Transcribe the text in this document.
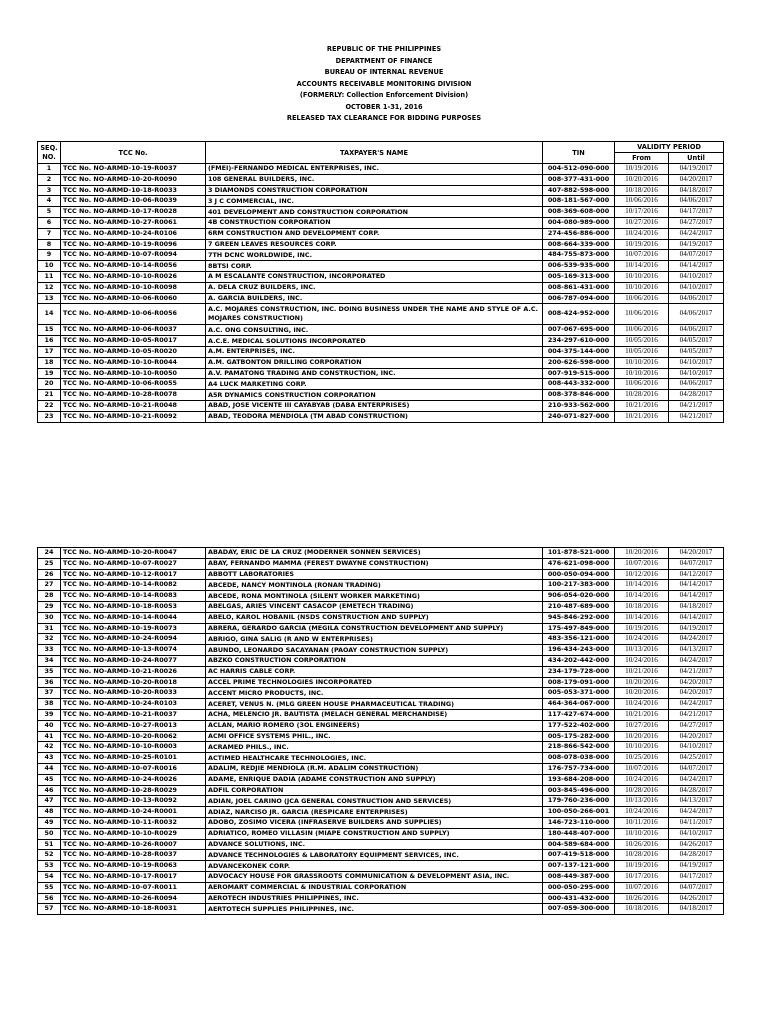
REPUBLIC OF THE PHILIPPINES
DEPARTMENT OF FINANCE
BUREAU OF INTERNAL REVENUE
ACCOUNTS RECEIVABLE MONITORING DIVISION
(FORMERLY: Collection Enforcement Division)
OCTOBER 1-31, 2016
RELEASED TAX CLEARANCE FOR BIDDING PURPOSES
SEQ. NO.	TCC No.	TAXPAYER'S NAME	TIN	VALIDITY PERIOD	
				From	Until
1	TCC No. NO-ARMD-10-19-R0037	(FMEI)-FERNANDO MEDICAL ENTERPRISES, INC.	004-512-090-000	10/19/2016	04/19/2017
2	TCC No. NO-ARMD-10-20-R0090	108 GENERAL BUILDERS, INC.	008-377-431-000	10/20/2016	04/20/2017
3	TCC No. NO-ARMD-10-18-R0033	3 DIAMONDS CONSTRUCTION CORPORATION	407-882-598-000	10/18/2016	04/18/2017
4	TCC No. NO-ARMD-10-06-R0039	3 J C COMMERCIAL, INC.	008-181-567-000	10/06/2016	04/06/2017
5	TCC No. NO-ARMD-10-17-R0028	401 DEVELOPMENT AND CONSTRUCTION CORPORATION	008-369-608-000	10/17/2016	04/17/2017
6	TCC No. NO-ARMD-10-27-R0061	4B CONSTRUCTION CORPORATION	004-080-989-000	10/27/2016	04/27/2017
7	TCC No. NO-ARMD-10-24-R0106	6RM CONSTRUCTION AND DEVELOPMENT CORP.	274-456-886-000	10/24/2016	04/24/2017
8	TCC No. NO-ARMD-10-19-R0096	7 GREEN LEAVES RESOURCES CORP.	008-664-339-000	10/19/2016	04/19/2017
9	TCC No. NO-ARMD-10-07-R0094	7TH DCNC WORLDWIDE, INC.	484-755-873-000	10/07/2016	04/07/2017
10	TCC No. NO-ARMD-10-14-R0056	8BTSI CORP.	006-539-935-000	10/14/2016	04/14/2017
11	TCC No. NO-ARMD-10-10-R0026	A M ESCALANTE CONSTRUCTION, INCORPORATED	005-169-313-000	10/10/2016	04/10/2017
12	TCC No. NO-ARMD-10-10-R0098	A. DELA CRUZ BUILDERS, INC.	008-861-431-000	10/10/2016	04/10/2017
13	TCC No. NO-ARMD-10-06-R0060	A. GARCIA BUILDERS, INC.	006-787-094-000	10/06/2016	04/06/2017
14	TCC No. NO-ARMD-10-06-R0056	A.C. MOJARES CONSTRUCTION, INC. DOING BUSINESS UNDER THE NAME AND STYLE OF A.C. MOJARES CONSTRUCTION)	008-424-952-000	10/06/2016	04/06/2017
15	TCC No. NO-ARMD-10-06-R0037	A.C. ONG CONSULTING, INC.	007-067-695-000	10/06/2016	04/06/2017
16	TCC No. NO-ARMD-10-05-R0017	A.C.E. MEDICAL SOLUTIONS INCORPORATED	234-297-610-000	10/05/2016	04/05/2017
17	TCC No. NO-ARMD-10-05-R0020	A.M. ENTERPRISES, INC.	004-375-144-000	10/05/2016	04/05/2017
18	TCC No. NO-ARMD-10-10-R0044	A.M. GATBONTON DRILLING CORPORATION	200-626-598-000	10/10/2016	04/10/2017
19	TCC No. NO-ARMD-10-10-R0050	A.V. PAMATONG TRADING AND CONSTRUCTION, INC.	007-919-515-000	10/10/2016	04/10/2017
20	TCC No. NO-ARMD-10-06-R0055	A4 LUCK MARKETING CORP.	008-443-332-000	10/06/2016	04/06/2017
21	TCC No. NO-ARMD-10-28-R0078	A5R DYNAMICS CONSTRUCTION CORPORATION	008-378-846-000	10/28/2016	04/28/2017
22	TCC No. NO-ARMD-10-21-R0048	ABAD, JOSE VICENTE III CAYABYAB (DABA ENTERPRISES)	210-933-562-000	10/21/2016	04/21/2017
23	TCC No. NO-ARMD-10-21-R0092	ABAD, TEODORA MENDIOLA (TM ABAD CONSTRUCTION)	240-071-827-000	10/21/2016	04/21/2017
24	TCC No. NO-ARMD-10-20-R0047	ABADAY, ERIC DE LA CRUZ (MODERNER SONNEN SERVICES)	101-878-521-000	10/20/2016	04/20/2017
25	TCC No. NO-ARMD-10-07-R0027	ABAY, FERNANDO MAMMA (FEREST DWAYNE CONSTRUCTION)	476-621-098-000	10/07/2016	04/07/2017
26	TCC No. NO-ARMD-10-12-R0017	ABBOTT LABORATORIES	000-050-094-000	10/12/2016	04/12/2017
27	TCC No. NO-ARMD-10-14-R0082	ABCEDE, NANCY MONTINOLA (RONAN TRADING)	100-217-383-000	10/14/2016	04/14/2017
28	TCC No. NO-ARMD-10-14-R0083	ABCEDE, RONA MONTINOLA (SILENT WORKER MARKETING)	906-054-020-000	10/14/2016	04/14/2017
29	TCC No. NO-ARMD-10-18-R0053	ABELGAS, ARIES VINCENT CASACOP (EMETECH TRADING)	210-487-689-000	10/18/2016	04/18/2017
30	TCC No. NO-ARMD-10-14-R0044	ABELO, KAROL HOBANIL (NSDS CONSTRUCTION AND SUPPLY)	945-846-292-000	10/14/2016	04/14/2017
31	TCC No. NO-ARMD-10-19-R0073	ABRERA, GERARDO GARCIA (MEGILA CONSTRUCTION DEVELOPMENT AND SUPPLY)	175-497-849-000	10/19/2016	04/19/2017
32	TCC No. NO-ARMD-10-24-R0094	ABRIGO, GINA SALIG (R AND W ENTERPRISES)	483-356-121-000	10/24/2016	04/24/2017
33	TCC No. NO-ARMD-10-13-R0074	ABUNDO, LEONARDO SACAYANAN (PAOAY CONSTRUCTION SUPPLY)	196-434-243-000	10/13/2016	04/13/2017
34	TCC No. NO-ARMD-10-24-R0077	ABZKO CONSTRUCTION CORPORATION	434-202-442-000	10/24/2016	04/24/2017
35	TCC No. NO-ARMD-10-21-R0026	AC HARRIS CABLE CORP.	234-179-728-000	10/21/2016	04/21/2017
36	TCC No. NO-ARMD-10-20-R0018	ACCEL PRIME TECHNOLOGIES INCORPORATED	008-179-091-000	10/20/2016	04/20/2017
37	TCC No. NO-ARMD-10-20-R0033	ACCENT MICRO PRODUCTS, INC.	005-053-371-000	10/20/2016	04/20/2017
38	TCC No. NO-ARMD-10-24-R0103	ACERET, VENUS N. (MLG GREEN HOUSE PHARMACEUTICAL TRADING)	464-364-067-000	10/24/2016	04/24/2017
39	TCC No. NO-ARMD-10-21-R0037	ACHA, MELENCIO JR. BAUTISTA (MELACH GENERAL MERCHANDISE)	117-427-674-000	10/21/2016	04/21/2017
40	TCC No. NO-ARMD-10-27-R0013	ACLAN, MARIO ROMERO (3OL ENGINEERS)	177-522-402-000	10/27/2016	04/27/2017
41	TCC No. NO-ARMD-10-20-R0062	ACMI OFFICE SYSTEMS PHIL., INC.	005-175-282-000	10/20/2016	04/20/2017
42	TCC No. NO-ARMD-10-10-R0003	ACRAMED PHILS., INC.	218-866-542-000	10/10/2016	04/10/2017
43	TCC No. NO-ARMD-10-25-R0101	ACTIMED HEALTHCARE TECHNOLOGIES, INC.	008-078-038-000	10/25/2016	04/25/2017
44	TCC No. NO-ARMD-10-07-R0016	ADALIM, REDJIE MENDIOLA (R.M. ADALIM CONSTRUCTION)	176-757-734-000	10/07/2016	04/07/2017
45	TCC No. NO-ARMD-10-24-R0026	ADAME, ENRIQUE DADIA (ADAME CONSTRUCTION AND SUPPLY)	193-684-208-000	10/24/2016	04/24/2017
46	TCC No. NO-ARMD-10-28-R0029	ADFIL CORPORATION	003-845-496-000	10/28/2016	04/28/2017
47	TCC No. NO-ARMD-10-13-R0092	ADIAN, JOEL CARINO (JCA GENERAL CONSTRUCTION AND SERVICES)	179-760-236-000	10/13/2016	04/13/2017
48	TCC No. NO-ARMD-10-24-R0001	ADIAZ, NARCISO JR. GARCIA (RESPICARE ENTERPRISES)	100-050-266-001	10/24/2016	04/24/2017
49	TCC No. NO-ARMD-10-11-R0032	ADOBO, ZOSIMO VICERA (INFRASERVE BUILDERS AND SUPPLIES)	146-723-110-000	10/11/2016	04/11/2017
50	TCC No. NO-ARMD-10-10-R0029	ADRIATICO, ROMEO VILLASIN (MIAPE CONSTRUCTION AND SUPPLY)	180-448-407-000	10/10/2016	04/10/2017
51	TCC No. NO-ARMD-10-26-R0007	ADVANCE SOLUTIONS, INC.	004-589-684-000	10/26/2016	04/26/2017
52	TCC No. NO-ARMD-10-28-R0037	ADVANCE TECHNOLOGIES & LABORATORY EQUIPMENT SERVICES, INC.	007-419-518-000	10/28/2016	04/28/2017
53	TCC No. NO-ARMD-10-19-R0063	ADVANCEKONEK CORP.	007-137-121-000	10/19/2016	04/19/2017
54	TCC No. NO-ARMD-10-17-R0017	ADVOCACY HOUSE FOR GRASSROOTS COMMUNICATION & DEVELOPMENT ASIA, INC.	008-449-387-000	10/17/2016	04/17/2017
55	TCC No. NO-ARMD-10-07-R0011	AEROMART COMMERCIAL & INDUSTRIAL CORPORATION	000-050-295-000	10/07/2016	04/07/2017
56	TCC No. NO-ARMD-10-26-R0094	AEROTECH INDUSTRIES PHILIPPINES, INC.	000-431-432-000	10/26/2016	04/26/2017
57	TCC No. NO-ARMD-10-18-R0031	AERTOTECH SUPPLIES PHILIPPINES, INC.	007-059-300-000	10/18/2016	04/18/2017
